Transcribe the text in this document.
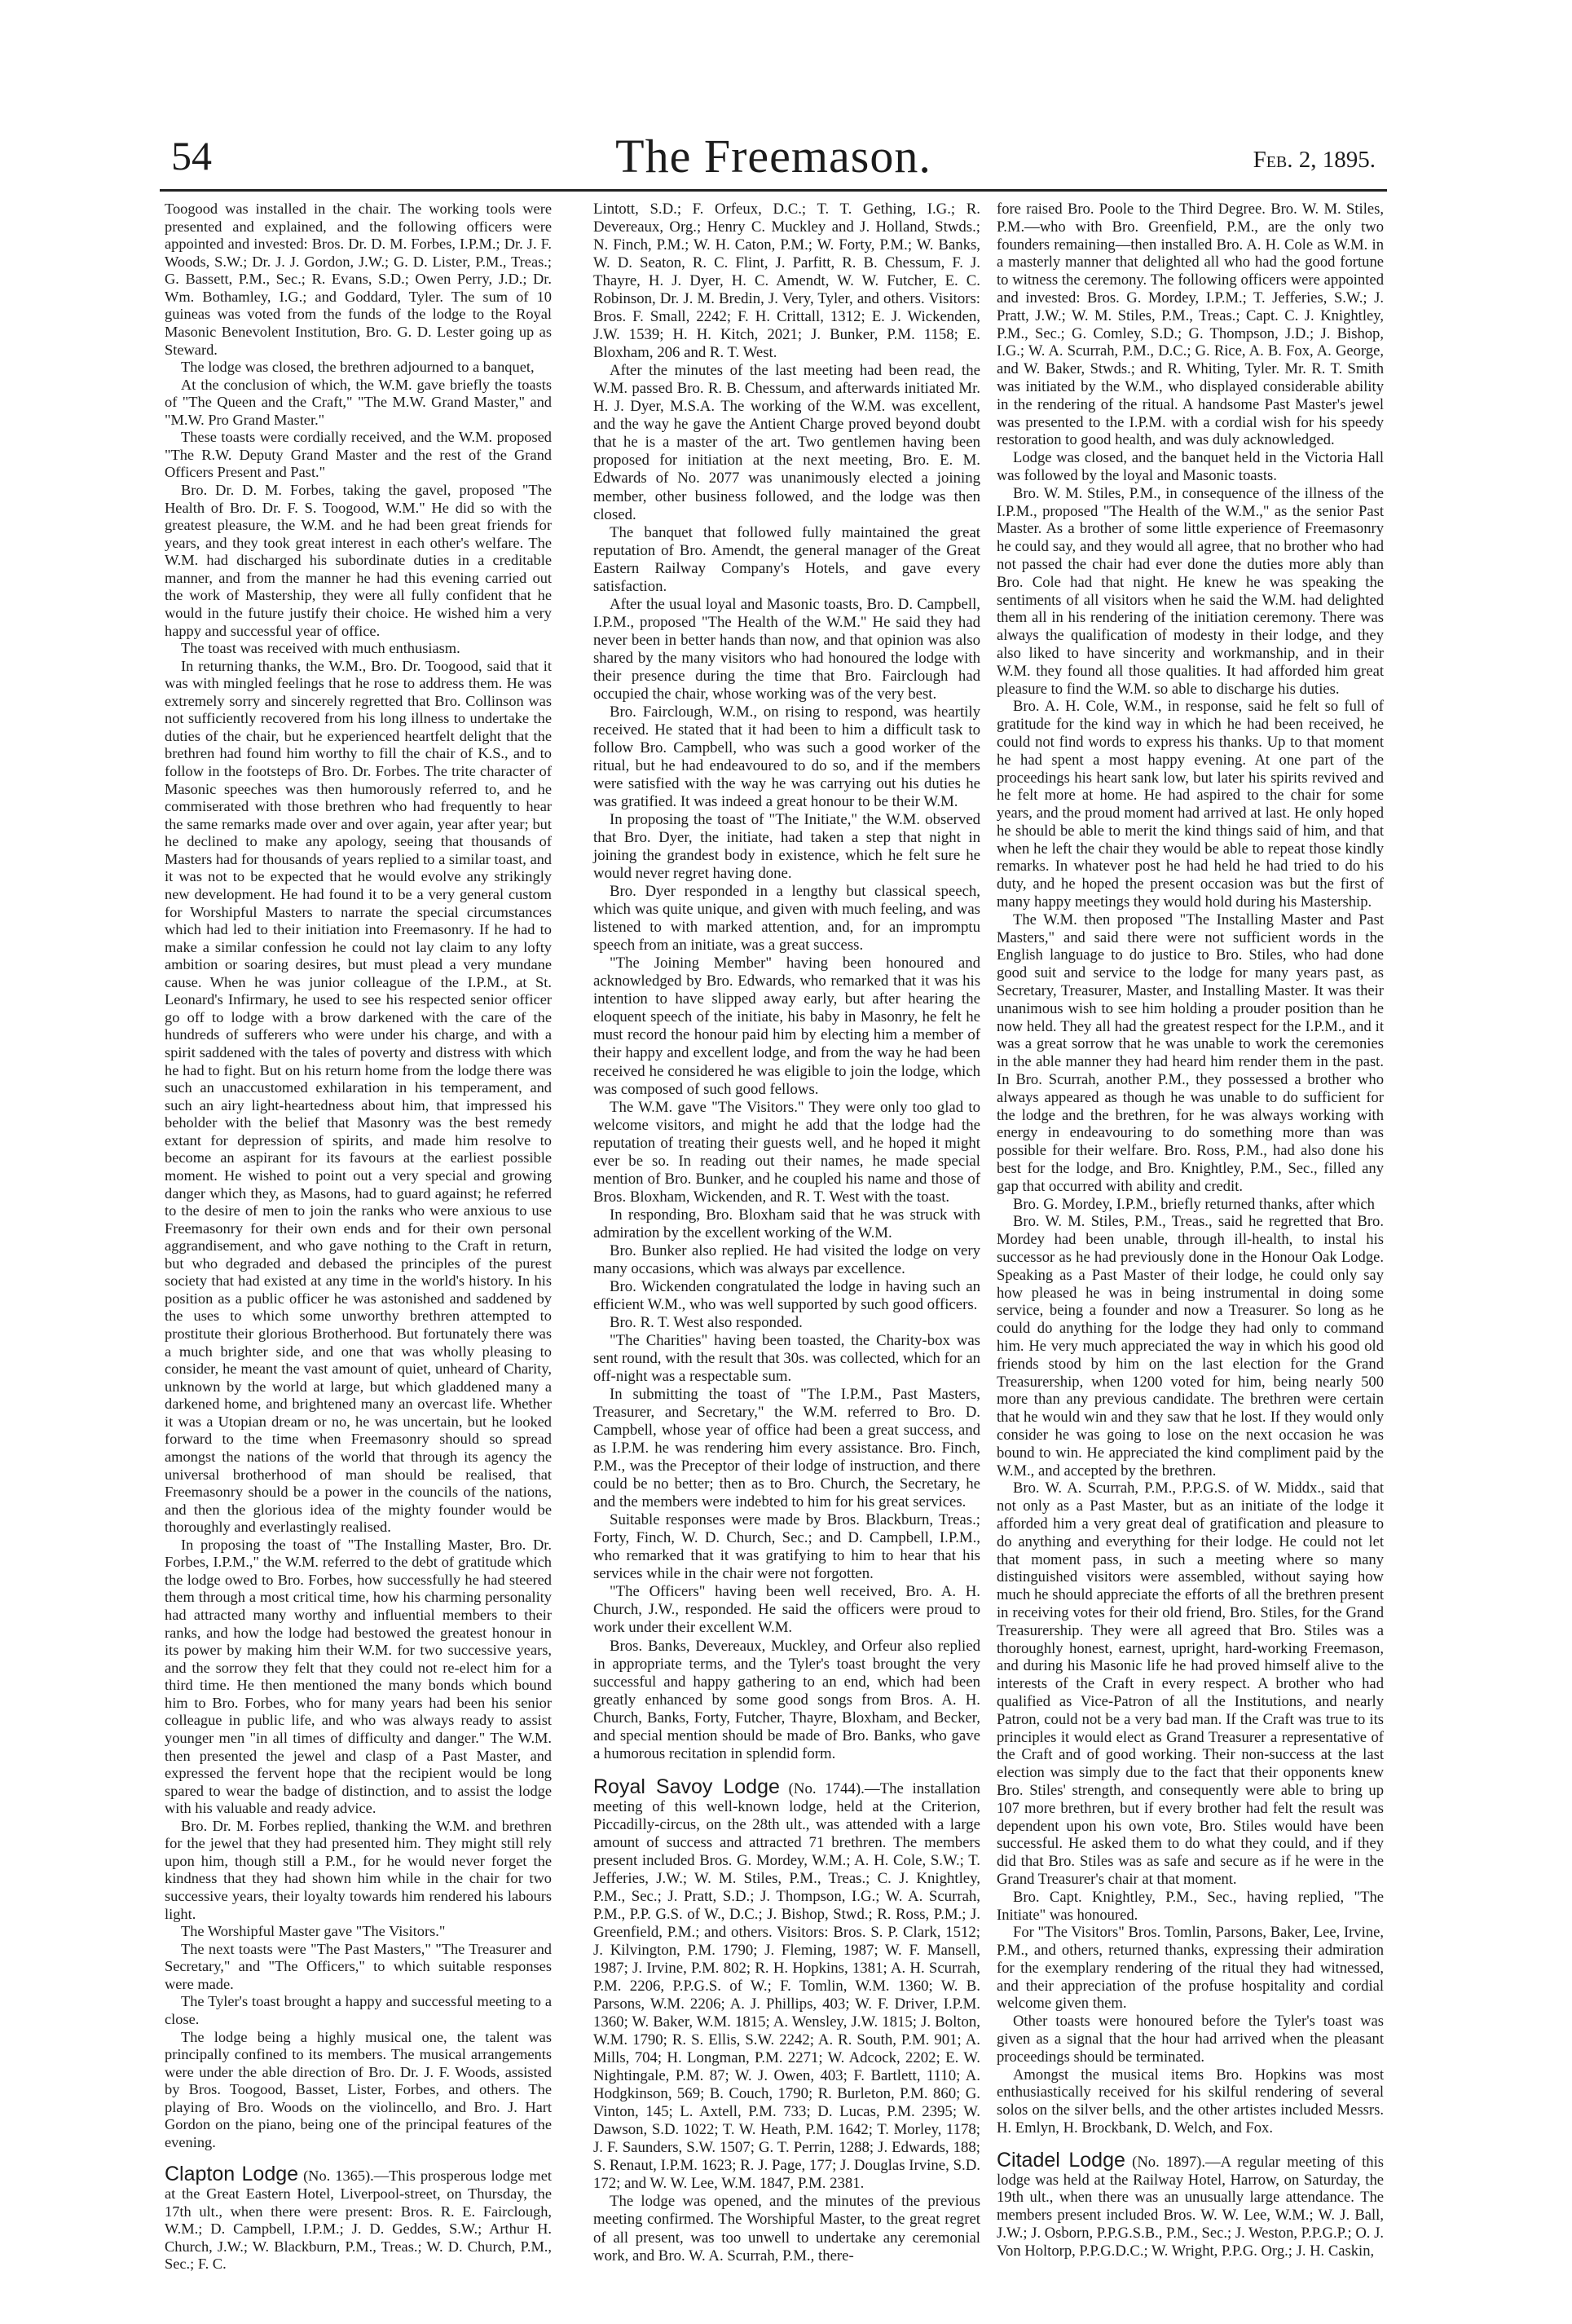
54	The Freemason.	Feb. 2, 1895.

Toogood was installed in the chair. The working tools were presented and explained, and the following officers were appointed and invested: Bros. Dr. D. M. Forbes, I.P.M.; Dr. J. F. Woods, S.W.; Dr. J. J. Gordon, J.W.; G. D. Lister, P.M., Treas.; G. Bassett, P.M., Sec.; R. Evans, S.D.; Owen Perry, J.D.; Dr. Wm. Bothamley, I.G.; and Goddard, Tyler. The sum of 10 guineas was voted from the funds of the lodge to the Royal Masonic Benevolent Institution, Bro. G. D. Lester going up as Steward.

The lodge was closed, the brethren adjourned to a banquet,

At the conclusion of which, the W.M. gave briefly the toasts of "The Queen and the Craft," "The M.W. Grand Master," and "M.W. Pro Grand Master."

These toasts were cordially received, and the W.M. proposed "The R.W. Deputy Grand Master and the rest of the Grand Officers Present and Past."

Bro. Dr. D. M. Forbes, taking the gavel, proposed "The Health of Bro. Dr. F. S. Toogood, W.M." He did so with the greatest pleasure, the W.M. and he had been great friends for years, and they took great interest in each other's welfare. The W.M. had discharged his subordinate duties in a creditable manner, and from the manner he had this evening carried out the work of Mastership, they were all fully confident that he would in the future justify their choice. He wished him a very happy and successful year of office.

The toast was received with much enthusiasm.

In returning thanks, the W.M., Bro. Dr. Toogood, said that it was with mingled feelings that he rose to address them. He was extremely sorry and sincerely regretted that Bro. Collinson was not sufficiently recovered from his long illness to undertake the duties of the chair, but he experienced heartfelt delight that the brethren had found him worthy to fill the chair of K.S., and to follow in the footsteps of Bro. Dr. Forbes. The trite character of Masonic speeches was then humorously referred to, and he commiserated with those brethren who had frequently to hear the same remarks made over and over again, year after year; but he declined to make any apology, seeing that thousands of Masters had for thousands of years replied to a similar toast, and it was not to be expected that he would evolve any strikingly new development. He had found it to be a very general custom for Worshipful Masters to narrate the special circumstances which had led to their initiation into Freemasonry. If he had to make a similar confession he could not lay claim to any lofty ambition or soaring desires, but must plead a very mundane cause. When he was junior colleague of the I.P.M., at St. Leonard's Infirmary, he used to see his respected senior officer go off to lodge with a brow darkened with the care of the hundreds of sufferers who were under his charge, and with a spirit saddened with the tales of poverty and distress with which he had to fight. But on his return home from the lodge there was such an unaccustomed exhilaration in his temperament, and such an airy light-heartedness about him, that impressed his beholder with the belief that Masonry was the best remedy extant for depression of spirits, and made him resolve to become an aspirant for its favours at the earliest possible moment. He wished to point out a very special and growing danger which they, as Masons, had to guard against; he referred to the desire of men to join the ranks who were anxious to use Freemasonry for their own ends and for their own personal aggrandisement, and who gave nothing to the Craft in return, but who degraded and debased the principles of the purest society that had existed at any time in the world's history. In his position as a public officer he was astonished and saddened by the uses to which some unworthy brethren attempted to prostitute their glorious Brotherhood. But fortunately there was a much brighter side, and one that was wholly pleasing to consider, he meant the vast amount of quiet, unheard of Charity, unknown by the world at large, but which gladdened many a darkened home, and brightened many an overcast life. Whether it was a Utopian dream or no, he was uncertain, but he looked forward to the time when Freemasonry should so spread amongst the nations of the world that through its agency the universal brotherhood of man should be realised, that Freemasonry should be a power in the councils of the nations, and then the glorious idea of the mighty founder would be thoroughly and everlastingly realised.

In proposing the toast of "The Installing Master, Bro. Dr. Forbes, I.P.M.," the W.M. referred to the debt of gratitude which the lodge owed to Bro. Forbes, how successfully he had steered them through a most critical time, how his charming personality had attracted many worthy and influential members to their ranks, and how the lodge had bestowed the greatest honour in its power by making him their W.M. for two successive years, and the sorrow they felt that they could not re-elect him for a third time. He then mentioned the many bonds which bound him to Bro. Forbes, who for many years had been his senior colleague in public life, and who was always ready to assist younger men "in all times of difficulty and danger." The W.M. then presented the jewel and clasp of a Past Master, and expressed the fervent hope that the recipient would be long spared to wear the badge of distinction, and to assist the lodge with his valuable and ready advice.

Bro. Dr. M. Forbes replied, thanking the W.M. and brethren for the jewel that they had presented him. They might still rely upon him, though still a P.M., for he would never forget the kindness that they had shown him while in the chair for two successive years, their loyalty towards him rendered his labours light.

The Worshipful Master gave "The Visitors."

The next toasts were "The Past Masters," "The Treasurer and Secretary," and "The Officers," to which suitable responses were made.

The Tyler's toast brought a happy and successful meeting to a close.

The lodge being a highly musical one, the talent was principally confined to its members. The musical arrangements were under the able direction of Bro. Dr. J. F. Woods, assisted by Bros. Toogood, Basset, Lister, Forbes, and others. The playing of Bro. Woods on the violincello, and Bro. J. Hart Gordon on the piano, being one of the principal features of the evening.

Clapton Lodge (No. 1365).—This prosperous lodge met at the Great Eastern Hotel, Liverpool-street, on Thursday, the 17th ult., when there were present: Bros. R. E. Fairclough, W.M.; D. Campbell, I.P.M.; J. D. Geddes, S.W.; Arthur H. Church, J.W.; W. Blackburn, P.M., Treas.; W. D. Church, P.M., Sec.; F. C.

Lintott, S.D.; F. Orfeux, D.C.; T. T. Gething, I.G.; R. Devereaux, Org.; Henry C. Muckley and J. Holland, Stwds.; N. Finch, P.M.; W. H. Caton, P.M.; W. Forty, P.M.; W. Banks, W. D. Seaton, R. C. Flint, J. Parfitt, R. B. Chessum, F. J. Thayre, H. J. Dyer, H. C. Amendt, W. W. Futcher, E. C. Robinson, Dr. J. M. Bredin, J. Very, Tyler, and others. Visitors: Bros. F. Small, 2242; F. H. Crittall, 1312; E. J. Wickenden, J.W. 1539; H. H. Kitch, 2021; J. Bunker, P.M. 1158; E. Bloxham, 206 and R. T. West.

After the minutes of the last meeting had been read, the W.M. passed Bro. R. B. Chessum, and afterwards initiated Mr. H. J. Dyer, M.S.A. The working of the W.M. was excellent, and the way he gave the Antient Charge proved beyond doubt that he is a master of the art. Two gentlemen having been proposed for initiation at the next meeting, Bro. E. M. Edwards of No. 2077 was unanimously elected a joining member, other business followed, and the lodge was then closed.

The banquet that followed fully maintained the great reputation of Bro. Amendt, the general manager of the Great Eastern Railway Company's Hotels, and gave every satisfaction.

After the usual loyal and Masonic toasts, Bro. D. Campbell, I.P.M., proposed "The Health of the W.M." He said they had never been in better hands than now, and that opinion was also shared by the many visitors who had honoured the lodge with their presence during the time that Bro. Fairclough had occupied the chair, whose working was of the very best.

Bro. Fairclough, W.M., on rising to respond, was heartily received. He stated that it had been to him a difficult task to follow Bro. Campbell, who was such a good worker of the ritual, but he had endeavoured to do so, and if the members were satisfied with the way he was carrying out his duties he was gratified. It was indeed a great honour to be their W.M.

In proposing the toast of "The Initiate," the W.M. observed that Bro. Dyer, the initiate, had taken a step that night in joining the grandest body in existence, which he felt sure he would never regret having done.

Bro. Dyer responded in a lengthy but classical speech, which was quite unique, and given with much feeling, and was listened to with marked attention, and, for an impromptu speech from an initiate, was a great success.

"The Joining Member" having been honoured and acknowledged by Bro. Edwards, who remarked that it was his intention to have slipped away early, but after hearing the eloquent speech of the initiate, his baby in Masonry, he felt he must record the honour paid him by electing him a member of their happy and excellent lodge, and from the way he had been received he considered he was eligible to join the lodge, which was composed of such good fellows.

The W.M. gave "The Visitors." They were only too glad to welcome visitors, and might he add that the lodge had the reputation of treating their guests well, and he hoped it might ever be so. In reading out their names, he made special mention of Bro. Bunker, and he coupled his name and those of Bros. Bloxham, Wickenden, and R. T. West with the toast.

In responding, Bro. Bloxham said that he was struck with admiration by the excellent working of the W.M.

Bro. Bunker also replied. He had visited the lodge on very many occasions, which was always par excellence.

Bro. Wickenden congratulated the lodge in having such an efficient W.M., who was well supported by such good officers.

Bro. R. T. West also responded.

"The Charities" having been toasted, the Charity-box was sent round, with the result that 30s. was collected, which for an off-night was a respectable sum.

In submitting the toast of "The I.P.M., Past Masters, Treasurer, and Secretary," the W.M. referred to Bro. D. Campbell, whose year of office had been a great success, and as I.P.M. he was rendering him every assistance. Bro. Finch, P.M., was the Preceptor of their lodge of instruction, and there could be no better; then as to Bro. Church, the Secretary, he and the members were indebted to him for his great services.

Suitable responses were made by Bros. Blackburn, Treas.; Forty, Finch, W. D. Church, Sec.; and D. Campbell, I.P.M., who remarked that it was gratifying to him to hear that his services while in the chair were not forgotten.

"The Officers" having been well received, Bro. A. H. Church, J.W., responded. He said the officers were proud to work under their excellent W.M.

Bros. Banks, Devereaux, Muckley, and Orfeur also replied in appropriate terms, and the Tyler's toast brought the very successful and happy gathering to an end, which had been greatly enhanced by some good songs from Bros. A. H. Church, Banks, Forty, Futcher, Thayre, Bloxham, and Becker, and special mention should be made of Bro. Banks, who gave a humorous recitation in splendid form.

Royal Savoy Lodge (No. 1744).—The installation meeting of this well-known lodge, held at the Criterion, Piccadilly-circus, on the 28th ult., was attended with a large amount of success and attracted 71 brethren. The members present included Bros. G. Mordey, W.M.; A. H. Cole, S.W.; T. Jefferies, J.W.; W. M. Stiles, P.M., Treas.; C. J. Knightley, P.M., Sec.; J. Pratt, S.D.; J. Thompson, I.G.; W. A. Scurrah, P.M., P.P. G.S. of W., D.C.; J. Bishop, Stwd.; R. Ross, P.M.; J. Greenfield, P.M.; and others. Visitors: Bros. S. P. Clark, 1512; J. Kilvington, P.M. 1790; J. Fleming, 1987; W. F. Mansell, 1987; J. Irvine, P.M. 802; R. H. Hopkins, 1381; A. H. Scurrah, P.M. 2206, P.P.G.S. of W.; F. Tomlin, W.M. 1360; W. B. Parsons, W.M. 2206; A. J. Phillips, 403; W. F. Driver, I.P.M. 1360; W. Baker, W.M. 1815; A. Wensley, J.W. 1815; J. Bolton, W.M. 1790; R. S. Ellis, S.W. 2242; A. R. South, P.M. 901; A. Mills, 704; H. Longman, P.M. 2271; W. Adcock, 2202; E. W. Nightingale, P.M. 87; W. J. Owen, 403; F. Bartlett, 1110; A. Hodgkinson, 569; B. Couch, 1790; R. Burleton, P.M. 860; G. Vinton, 145; L. Axtell, P.M. 733; D. Lucas, P.M. 2395; W. Dawson, S.D. 1022; T. W. Heath, P.M. 1642; T. Morley, 1178; J. F. Saunders, S.W. 1507; G. T. Perrin, 1288; J. Edwards, 188; S. Renaut, I.P.M. 1623; R. J. Page, 177; J. Douglas Irvine, S.D. 172; and W. W. Lee, W.M. 1847, P.M. 2381.

The lodge was opened, and the minutes of the previous meeting confirmed. The Worshipful Master, to the great regret of all present, was too unwell to undertake any ceremonial work, and Bro. W. A. Scurrah, P.M., there-

fore raised Bro. Poole to the Third Degree. Bro. W. M. Stiles, P.M.—who with Bro. Greenfield, P.M., are the only two founders remaining—then installed Bro. A. H. Cole as W.M. in a masterly manner that delighted all who had the good fortune to witness the ceremony. The following officers were appointed and invested: Bros. G. Mordey, I.P.M.; T. Jefferies, S.W.; J. Pratt, J.W.; W. M. Stiles, P.M., Treas.; Capt. C. J. Knightley, P.M., Sec.; G. Comley, S.D.; G. Thompson, J.D.; J. Bishop, I.G.; W. A. Scurrah, P.M., D.C.; G. Rice, A. B. Fox, A. George, and W. Baker, Stwds.; and R. Whiting, Tyler. Mr. R. T. Smith was initiated by the W.M., who displayed considerable ability in the rendering of the ritual. A handsome Past Master's jewel was presented to the I.P.M. with a cordial wish for his speedy restoration to good health, and was duly acknowledged.

Lodge was closed, and the banquet held in the Victoria Hall was followed by the loyal and Masonic toasts.

Bro. W. M. Stiles, P.M., in consequence of the illness of the I.P.M., proposed "The Health of the W.M.," as the senior Past Master. As a brother of some little experience of Freemasonry he could say, and they would all agree, that no brother who had not passed the chair had ever done the duties more ably than Bro. Cole had that night. He knew he was speaking the sentiments of all visitors when he said the W.M. had delighted them all in his rendering of the initiation ceremony. There was always the qualification of modesty in their lodge, and they also liked to have sincerity and workmanship, and in their W.M. they found all those qualities. It had afforded him great pleasure to find the W.M. so able to discharge his duties.

Bro. A. H. Cole, W.M., in response, said he felt so full of gratitude for the kind way in which he had been received, he could not find words to express his thanks. Up to that moment he had spent a most happy evening. At one part of the proceedings his heart sank low, but later his spirits revived and he felt more at home. He had aspired to the chair for some years, and the proud moment had arrived at last. He only hoped he should be able to merit the kind things said of him, and that when he left the chair they would be able to repeat those kindly remarks. In whatever post he had held he had tried to do his duty, and he hoped the present occasion was but the first of many happy meetings they would hold during his Mastership.

The W.M. then proposed "The Installing Master and Past Masters," and said there were not sufficient words in the English language to do justice to Bro. Stiles, who had done good suit and service to the lodge for many years past, as Secretary, Treasurer, Master, and Installing Master. It was their unanimous wish to see him holding a prouder position than he now held. They all had the greatest respect for the I.P.M., and it was a great sorrow that he was unable to work the ceremonies in the able manner they had heard him render them in the past. In Bro. Scurrah, another P.M., they possessed a brother who always appeared as though he was unable to do sufficient for the lodge and the brethren, for he was always working with energy in endeavouring to do something more than was possible for their welfare. Bro. Ross, P.M., had also done his best for the lodge, and Bro. Knightley, P.M., Sec., filled any gap that occurred with ability and credit.

Bro. G. Mordey, I.P.M., briefly returned thanks, after which

Bro. W. M. Stiles, P.M., Treas., said he regretted that Bro. Mordey had been unable, through ill-health, to instal his successor as he had previously done in the Honour Oak Lodge. Speaking as a Past Master of their lodge, he could only say how pleased he was in being instrumental in doing some service, being a founder and now a Treasurer. So long as he could do anything for the lodge they had only to command him. He very much appreciated the way in which his good old friends stood by him on the last election for the Grand Treasurership, when 1200 voted for him, being nearly 500 more than any previous candidate. The brethren were certain that he would win and they saw that he lost. If they would only consider he was going to lose on the next occasion he was bound to win. He appreciated the kind compliment paid by the W.M., and accepted by the brethren.

Bro. W. A. Scurrah, P.M., P.P.G.S. of W. Middx., said that not only as a Past Master, but as an initiate of the lodge it afforded him a very great deal of gratification and pleasure to do anything and everything for their lodge. He could not let that moment pass, in such a meeting where so many distinguished visitors were assembled, without saying how much he should appreciate the efforts of all the brethren present in receiving votes for their old friend, Bro. Stiles, for the Grand Treasurership. They were all agreed that Bro. Stiles was a thoroughly honest, earnest, upright, hard-working Freemason, and during his Masonic life he had proved himself alive to the interests of the Craft in every respect. A brother who had qualified as Vice-Patron of all the Institutions, and nearly Patron, could not be a very bad man. If the Craft was true to its principles it would elect as Grand Treasurer a representative of the Craft and of good working. Their non-success at the last election was simply due to the fact that their opponents knew Bro. Stiles' strength, and consequently were able to bring up 107 more brethren, but if every brother had felt the result was dependent upon his own vote, Bro. Stiles would have been successful. He asked them to do what they could, and if they did that Bro. Stiles was as safe and secure as if he were in the Grand Treasurer's chair at that moment.

Bro. Capt. Knightley, P.M., Sec., having replied, "The Initiate" was honoured.

For "The Visitors" Bros. Tomlin, Parsons, Baker, Lee, Irvine, P.M., and others, returned thanks, expressing their admiration for the exemplary rendering of the ritual they had witnessed, and their appreciation of the profuse hospitality and cordial welcome given them.

Other toasts were honoured before the Tyler's toast was given as a signal that the hour had arrived when the pleasant proceedings should be terminated.

Amongst the musical items Bro. Hopkins was most enthusiastically received for his skilful rendering of several solos on the silver bells, and the other artistes included Messrs. H. Emlyn, H. Brockbank, D. Welch, and Fox.

Citadel Lodge (No. 1897).—A regular meeting of this lodge was held at the Railway Hotel, Harrow, on Saturday, the 19th ult., when there was an unusually large attendance. The members present included Bros. W. W. Lee, W.M.; W. J. Ball, J.W.; J. Osborn, P.P.G.S.B., P.M., Sec.; J. Weston, P.P.G.P.; O. J. Von Holtorp, P.P.G.D.C.; W. Wright, P.P.G. Org.; J. H. Caskin,
